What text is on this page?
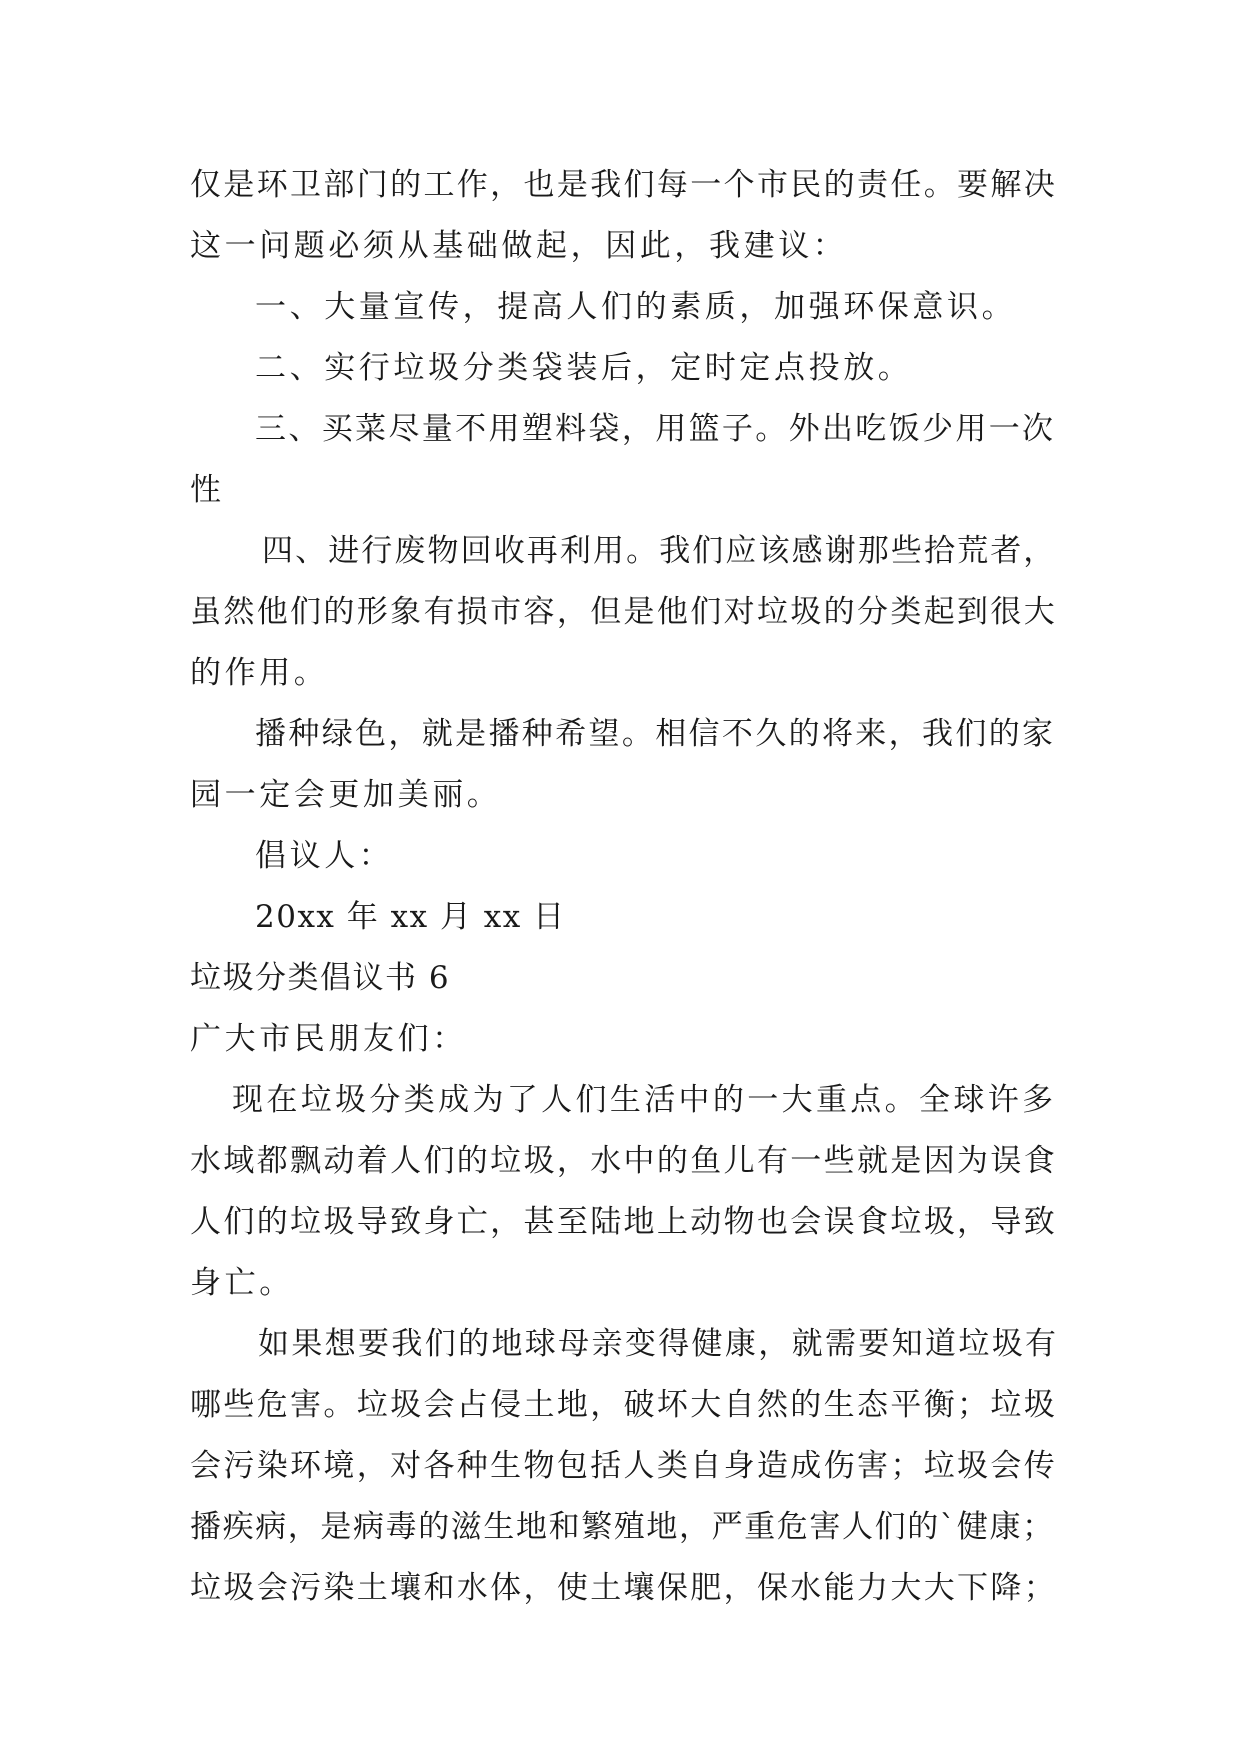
仅是环卫部门的工作，也是我们每一个市民的责任。要解决
这一问题必须从基础做起，因此，我建议：
一、大量宣传，提高人们的素质，加强环保意识。
二、实行垃圾分类袋装后，定时定点投放。
三、买菜尽量不用塑料袋，用篮子。外出吃饭少用一次
性
四、进行废物回收再利用。我们应该感谢那些拾荒者，
虽然他们的形象有损市容，但是他们对垃圾的分类起到很大
的作用。
播种绿色，就是播种希望。相信不久的将来，我们的家
园一定会更加美丽。
倡议人：
20xx 年 xx 月 xx 日
垃圾分类倡议书 6
广大市民朋友们：
现在垃圾分类成为了人们生活中的一大重点。全球许多
水域都飘动着人们的垃圾，水中的鱼儿有一些就是因为误食
人们的垃圾导致身亡，甚至陆地上动物也会误食垃圾，导致
身亡。
如果想要我们的地球母亲变得健康，就需要知道垃圾有
哪些危害。垃圾会占侵土地，破坏大自然的生态平衡；垃圾
会污染环境，对各种生物包括人类自身造成伤害；垃圾会传
播疾病，是病毒的滋生地和繁殖地，严重危害人们的`健康；
垃圾会污染土壤和水体，使土壤保肥，保水能力大大下降；
